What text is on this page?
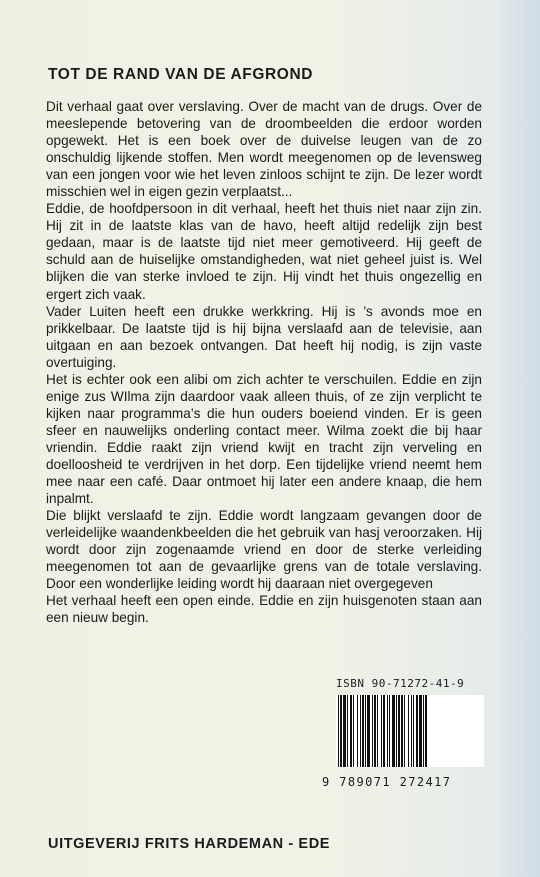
TOT DE RAND VAN DE AFGROND

Dit verhaal gaat over verslaving. Over de macht van de drugs. Over de meeslepende betovering van de droombeelden die erdoor worden opgewekt. Het is een boek over de duivelse leugen van de zo onschuldig lijkende stoffen. Men wordt meegenomen op de levensweg van een jongen voor wie het leven zinloos schijnt te zijn. De lezer wordt misschien wel in eigen gezin verplaatst...

Eddie, de hoofdpersoon in dit verhaal, heeft het thuis niet naar zijn zin. Hij zit in de laatste klas van de havo, heeft altijd redelijk zijn best gedaan, maar is de laatste tijd niet meer gemotiveerd. Hij geeft de schuld aan de huiselijke omstandigheden, wat niet geheel juist is. Wel blijken die van sterke invloed te zijn. Hij vindt het thuis ongezellig en ergert zich vaak.

Vader Luiten heeft een drukke werkkring. Hij is ’s avonds moe en prikkelbaar. De laatste tijd is hij bijna verslaafd aan de televisie, aan uitgaan en aan bezoek ontvangen. Dat heeft hij nodig, is zijn vaste overtuiging.

Het is echter ook een alibi om zich achter te verschuilen. Eddie en zijn enige zus WIlma zijn daardoor vaak alleen thuis, of ze zijn verplicht te kijken naar programma’s die hun ouders boeiend vinden. Er is geen sfeer en nauwelijks onderling contact meer. Wilma zoekt die bij haar vriendin. Eddie raakt zijn vriend kwijt en tracht zijn verveling en doelloosheid te verdrijven in het dorp. Een tijdelijke vriend neemt hem mee naar een café. Daar ontmoet hij later een andere knaap, die hem inpalmt.

Die blijkt verslaafd te zijn. Eddie wordt langzaam gevangen door de verleidelijke waandenkbeelden die het gebruik van hasj veroorzaken. Hij wordt door zijn zogenaamde vriend en door de sterke verleiding meegenomen tot aan de gevaarlijke grens van de totale verslaving. Door een wonderlijke leiding wordt hij daaraan niet overgegeven

Het verhaal heeft een open einde. Eddie en zijn huisgenoten staan aan een nieuw begin.

ISBN 90-71272-41-9
9 789071 272417
UITGEVERIJ FRITS HARDEMAN - EDE
